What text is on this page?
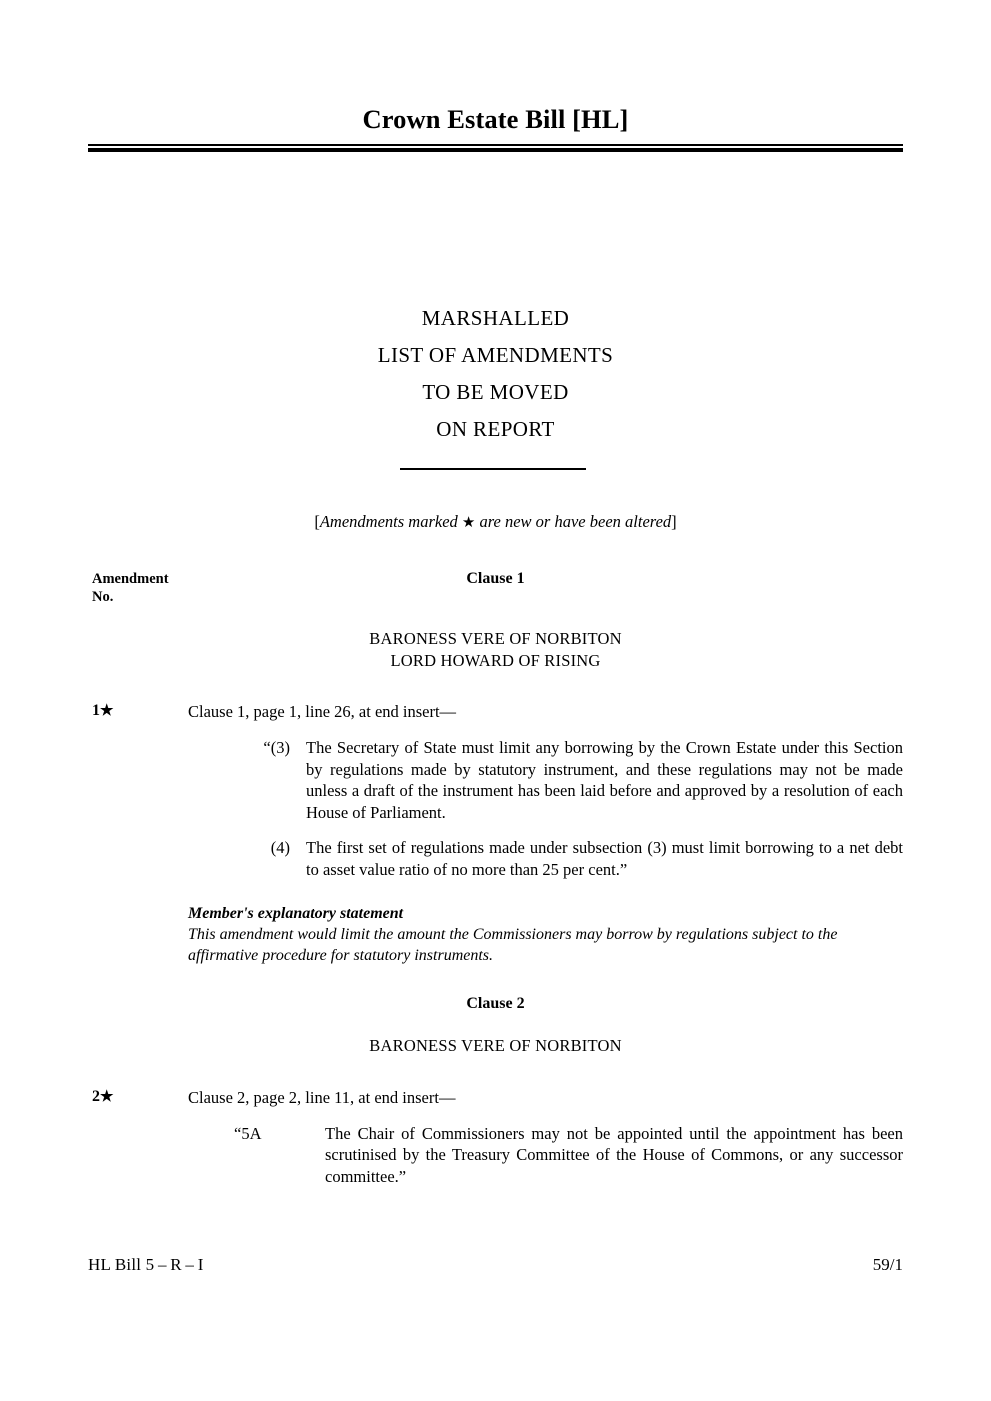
Crown Estate Bill [HL]
MARSHALLED
LIST OF AMENDMENTS
TO BE MOVED
ON REPORT
[Amendments marked ★ are new or have been altered]
Amendment
No.
Clause 1
BARONESS VERE OF NORBITON
LORD HOWARD OF RISING
1★	Clause 1, page 1, line 26, at end insert—
“(3) The Secretary of State must limit any borrowing by the Crown Estate under this Section by regulations made by statutory instrument, and these regulations may not be made unless a draft of the instrument has been laid before and approved by a resolution of each House of Parliament.
(4) The first set of regulations made under subsection (3) must limit borrowing to a net debt to asset value ratio of no more than 25 per cent.”
Member's explanatory statement
This amendment would limit the amount the Commissioners may borrow by regulations subject to the affirmative procedure for statutory instruments.
Clause 2
BARONESS VERE OF NORBITON
2★	Clause 2, page 2, line 11, at end insert—
“5A	The Chair of Commissioners may not be appointed until the appointment has been scrutinised by the Treasury Committee of the House of Commons, or any successor committee.”
HL Bill 5 – R – I	59/1
